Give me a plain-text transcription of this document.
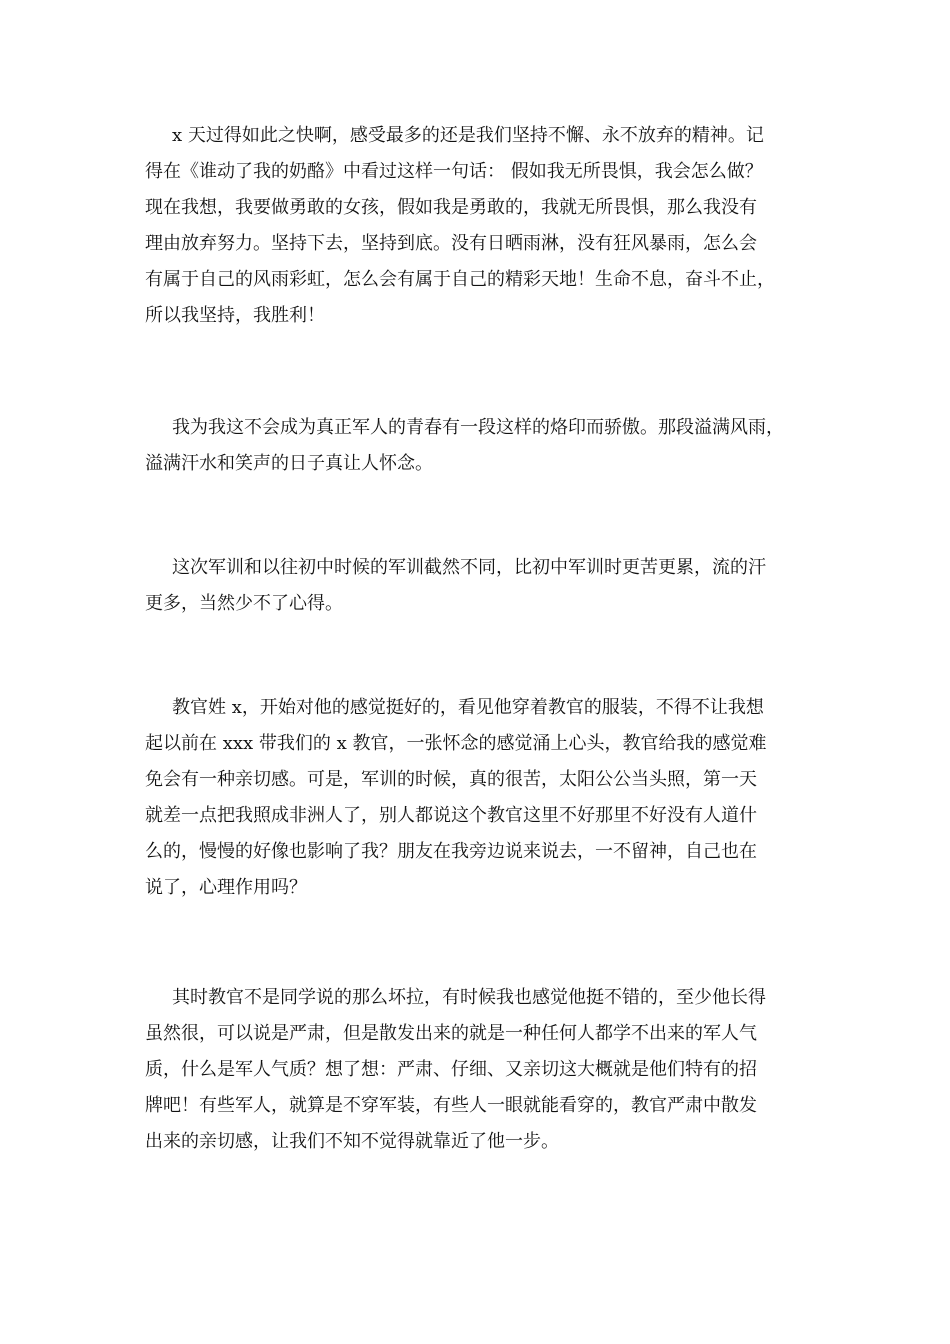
x 天过得如此之快啊，感受最多的还是我们坚持不懈、永不放弃的精神。记
得在《谁动了我的奶酪》中看过这样一句话： 假如我无所畏惧，我会怎么做？
现在我想，我要做勇敢的女孩，假如我是勇敢的，我就无所畏惧，那么我没有
理由放弃努力。坚持下去，坚持到底。没有日晒雨淋，没有狂风暴雨，怎么会
有属于自己的风雨彩虹，怎么会有属于自己的精彩天地！生命不息，奋斗不止，
所以我坚持，我胜利！
我为我这不会成为真正军人的青春有一段这样的烙印而骄傲。那段溢满风雨，
溢满汗水和笑声的日子真让人怀念。
这次军训和以往初中时候的军训截然不同，比初中军训时更苦更累，流的汗
更多，当然少不了心得。
教官姓 x，开始对他的感觉挺好的，看见他穿着教官的服装，不得不让我想
起以前在 xxx 带我们的 x 教官，一张怀念的感觉涌上心头，教官给我的感觉难
免会有一种亲切感。可是，军训的时候，真的很苦，太阳公公当头照，第一天
就差一点把我照成非洲人了，别人都说这个教官这里不好那里不好没有人道什
么的，慢慢的好像也影响了我？朋友在我旁边说来说去，一不留神，自己也在
说了，心理作用吗？
其时教官不是同学说的那么坏拉，有时候我也感觉他挺不错的，至少他长得
虽然很，可以说是严肃，但是散发出来的就是一种任何人都学不出来的军人气
质，什么是军人气质？想了想：严肃、仔细、又亲切这大概就是他们特有的招
牌吧！有些军人，就算是不穿军装，有些人一眼就能看穿的，教官严肃中散发
出来的亲切感，让我们不知不觉得就靠近了他一步。
